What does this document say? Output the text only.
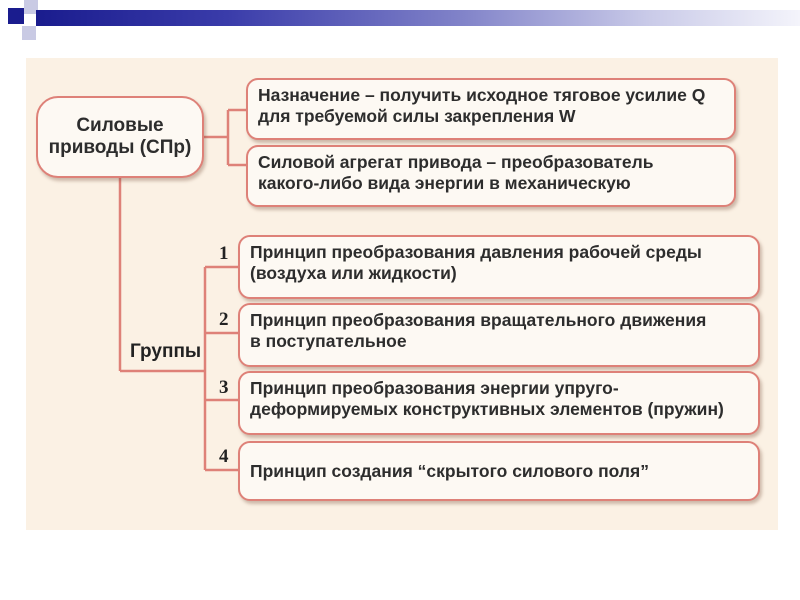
Силовые
приводы (СПр)
Назначение – получить исходное тяговое усилие Q
для требуемой силы закрепления W
Силовой агрегат привода – преобразователь
какого-либо вида энергии в механическую
Группы
1
2
3
4
Принцип преобразования давления рабочей среды
(воздуха или жидкости)
Принцип преобразования вращательного движения
в поступательное
Принцип преобразования энергии упруго-
деформируемых конструктивных элементов (пружин)
Принцип создания “скрытого силового поля”
